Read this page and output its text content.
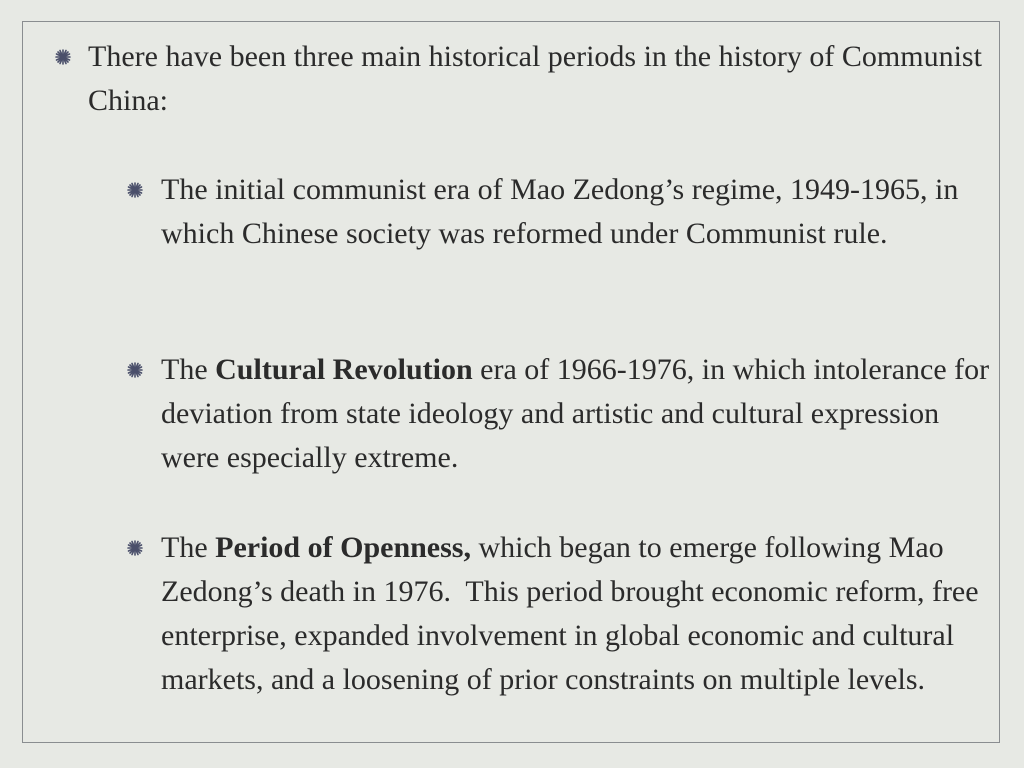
There have been three main historical periods in the history of Communist China:
The initial communist era of Mao Zedong’s regime, 1949-1965, in which Chinese society was reformed under Communist rule.
The Cultural Revolution era of 1966-1976, in which intolerance for deviation from state ideology and artistic and cultural expression were especially extreme.
The Period of Openness, which began to emerge following Mao Zedong’s death in 1976.  This period brought economic reform, free enterprise, expanded involvement in global economic and cultural markets, and a loosening of prior constraints on multiple levels.
